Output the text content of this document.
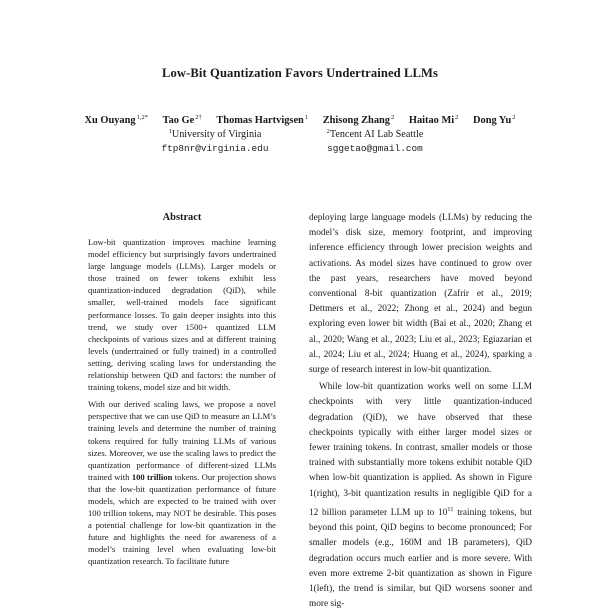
Low-Bit Quantization Favors Undertrained LLMs
Xu Ouyang$^{1,2*}$ Tao $Ge^{2\dagger}$ Thomas Hartvigsen$^1$ Zhisong Zhang$^2$ Haitao Mi$^2$ Dong Yu$^2$
$^1$University of Virginia	$^2$Tencent AI Lab Seattle
ftp8nr@virginia.edu	sggetao@gmail.com
Abstract

Low-bit quantization improves machine learning model efficiency but surprisingly favors undertrained large language models (LLMs). Larger models or those trained on fewer tokens exhibit less quantization-induced degradation (QiD), while smaller, well-trained models face significant performance losses. To gain deeper insights into this trend, we study over 1500+ quantized LLM checkpoints of various sizes and at different training levels (undertrained or fully trained) in a controlled setting, deriving scaling laws for understanding the relationship between QiD and factors: the number of training tokens, model size and bit width.

With our derived scaling laws, we propose a novel perspective that we can use QiD to measure an LLM’s training levels and determine the number of training tokens required for fully training LLMs of various sizes. Moreover, we use the scaling laws to predict the quantization performance of different-sized LLMs trained with 100 trillion tokens. Our projection shows that the low-bit quantization performance of future models, which are expected to be trained with over 100 trillion tokens, may NOT be desirable. This poses a potential challenge for low-bit quantization in the future and highlights the need for awareness of a model’s training level when evaluating low-bit quantization research. To facilitate future

deploying large language models (LLMs) by reducing the model’s disk size, memory footprint, and improving inference efficiency through lower precision weights and activations. As model sizes have continued to grow over the past years, researchers have moved beyond conventional 8-bit quantization (Zafrir et al., 2019; Dettmers et al., 2022; Zhong et al., 2024) and begun exploring even lower bit width (Bai et al., 2020; Zhang et al., 2020; Wang et al., 2023; Liu et al., 2023; Egiazarian et al., 2024; Liu et al., 2024; Huang et al., 2024), sparking a surge of research interest in low-bit quantization.

While low-bit quantization works well on some LLM checkpoints with very little quantization-induced degradation (QiD), we have observed that these checkpoints typically with either larger model sizes or fewer training tokens. In contrast, smaller models or those trained with substantially more tokens exhibit notable QiD when low-bit quantization is applied. As shown in Figure 1(right), 3-bit quantization results in negligible QiD for a 12 billion parameter LLM up to $10^{11}$ training tokens, but beyond this point, QiD begins to become pronounced; For smaller models (e.g., 160M and 1B parameters), QiD degradation occurs much earlier and is more severe. With even more extreme 2-bit quantization as shown in Figure 1(left), the trend is similar, but QiD worsens sooner and more sig-
